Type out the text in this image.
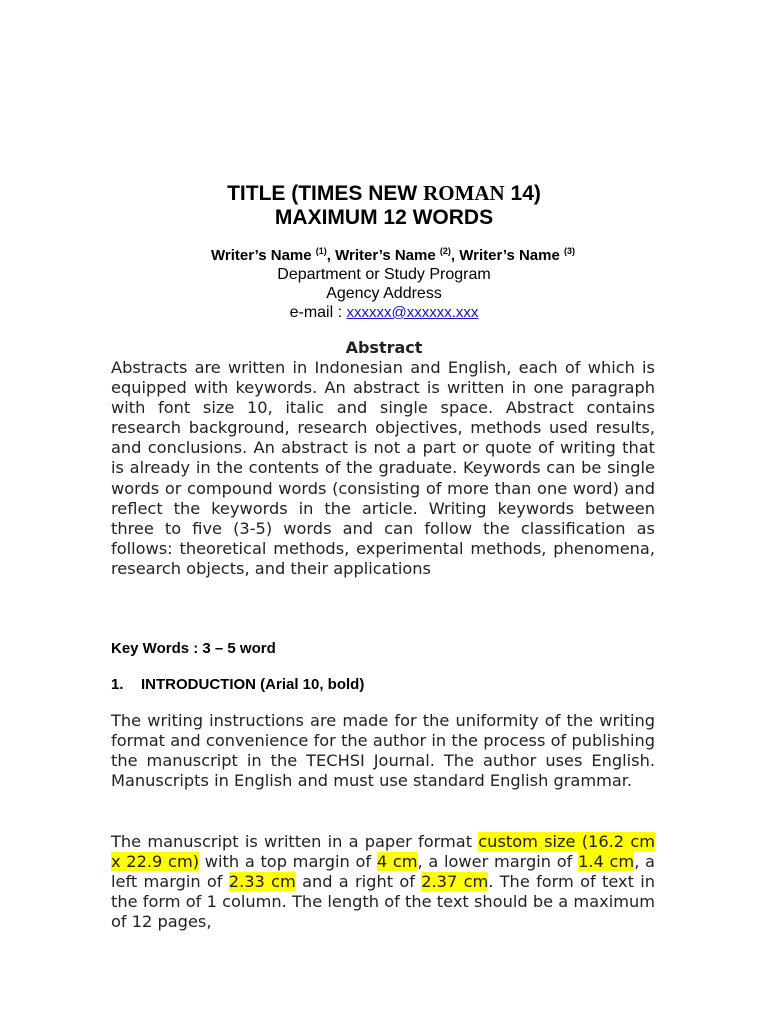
TITLE (TIMES NEW ROMAN 14)
MAXIMUM 12 WORDS
Writer’s Name $^{(1)}$, Writer’s Name $^{(2)}$, Writer’s Name $^{(3)}$
Department or Study Program
Agency Address
e-mail : xxxxxx@xxxxxx.xxx
Abstract
Abstracts are written in Indonesian and English, each of which is equipped with keywords. An abstract is written in one paragraph with font size 10, italic and single space. Abstract contains research background, research objectives, methods used results, and conclusions. An abstract is not a part or quote of writing that is already in the contents of the graduate. Keywords can be single words or compound words (consisting of more than one word) and reflect the keywords in the article. Writing keywords between three to five (3-5) words and can follow the classification as follows: theoretical methods, experimental methods, phenomena, research objects, and their applications
Key Words : 3 – 5 word
1. INTRODUCTION (Arial 10, bold)
The writing instructions are made for the uniformity of the writing format and convenience for the author in the process of publishing the manuscript in the TECHSI Journal. The author uses English. Manuscripts in English and must use standard English grammar.
The manuscript is written in a paper format custom size (16.2 cm x 22.9 cm) with a top margin of 4 cm, a lower margin of 1.4 cm, a left margin of 2.33 cm and a right of 2.37 cm. The form of text in the form of 1 column. The length of the text should be a maximum of 12 pages,
